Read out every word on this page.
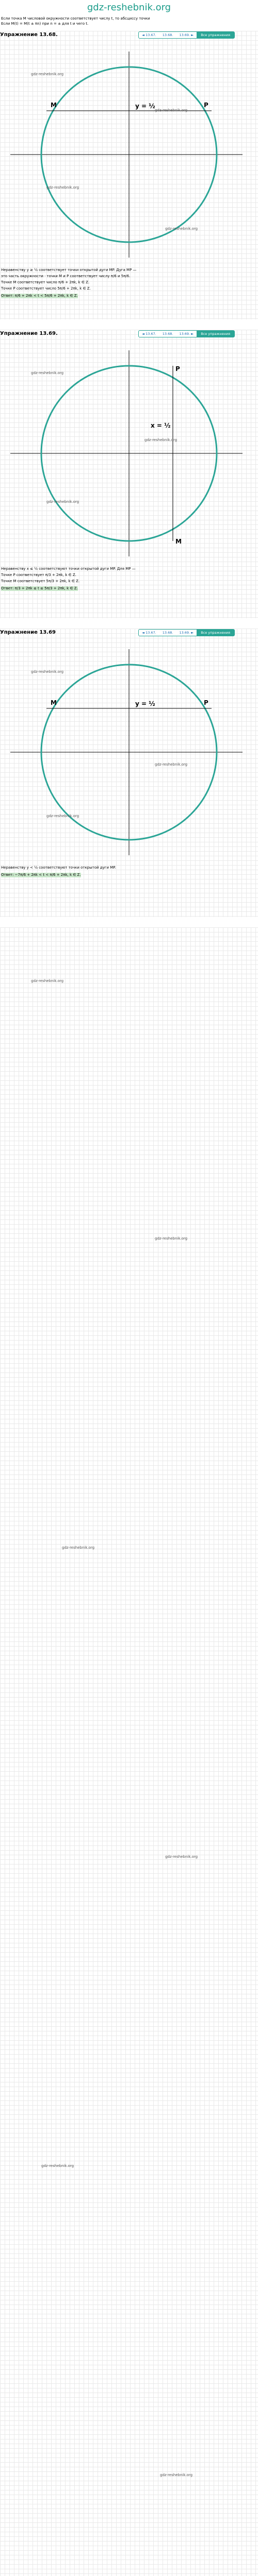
gdz-reshebnik.org
Если точка M числовой окружности соответствует числу t, то абсциссу точки
Если M(t) = M(t ± πn) при n = ± для t и чего t.
Упражнение 13.68.	◄ 13.67.	13.68.	13.69. ►	Все упражнения
y = ½
M	P
gdz-reshebnik.org
gdz-reshebnik.org
gdz-reshebnik.org
gdz-reshebnik.org
Неравенству y ≥ ½ соответствует точки открытой дуги MP. Дуга MP —
это часть окружности · точки M и P соответствует числу π/6 и 5π/6.
Точке M соответствует число π/6 + 2πk, k ∈ Z.
Точке P соответствует число 5π/6 + 2πk, k ∈ Z.
Ответ: π/6 + 2πk < t < 5π/6 + 2πk, k ∈ Z.
Упражнение 13.69.	◄ 13.67.	13.68.	13.69. ►	Все упражнения
x = ½
P
M
gdz-reshebnik.org
gdz-reshebnik.org
gdz-reshebnik.org
Неравенству x ≤ ½ соответствуют точки открытой дуги MP. Для MP —
Точке P соответствует π/3 + 2πk, k ∈ Z.
Точке M соответствует 5π/3 + 2πk, k ∈ Z.
Ответ: π/3 + 2πk ≤ t ≤ 5π/3 + 2πk, k ∈ Z.
Упражнение 13.69	◄ 13.67.	13.68.	13.69. ►	Все упражнения
y = ½
M	P
gdz-reshebnik.org
gdz-reshebnik.org
gdz-reshebnik.org
Неравенству y < ½ соответствуют точки открытой дуги MP.
Ответ: −7π/6 + 2πk < t < π/6 + 2πk, k ∈ Z.
gdz-reshebnik.org
gdz-reshebnik.org
gdz-reshebnik.org
gdz-reshebnik.org
gdz-reshebnik.org
gdz-reshebnik.org
